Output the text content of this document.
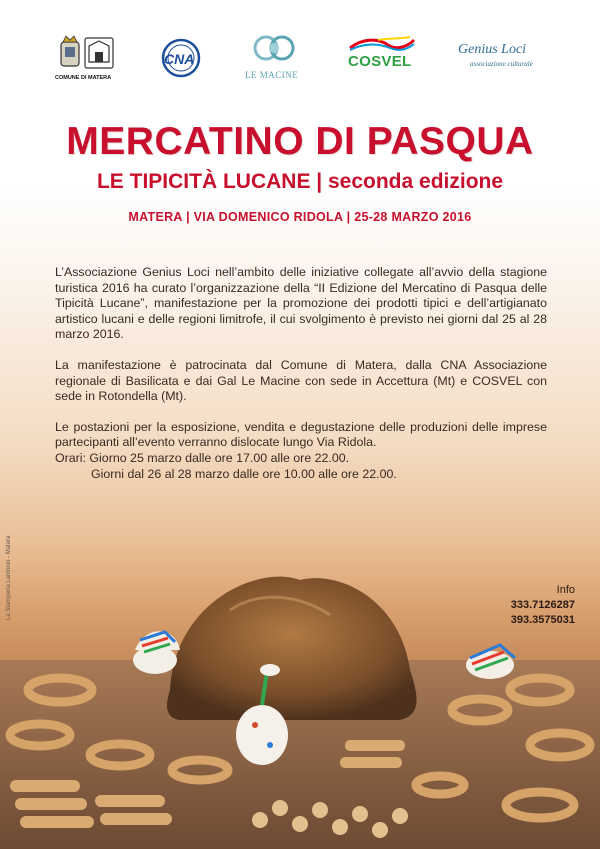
COMUNE DI MATERA
CNA
LE MACINE
COSVEL
Genius Loci
associazione culturale
MERCATINO DI PASQUA
LE TIPICITÀ LUCANE | seconda edizione
MATERA | VIA DOMENICO RIDOLA | 25-28 MARZO 2016

L’Associazione Genius Loci nell’ambito delle iniziative collegate all’avvio della stagione turistica 2016 ha curato l’organizzazione della “II Edizione del Mercatino di Pasqua delle Tipicità Lucane”, manifestazione per la promozione dei prodotti tipici e dell’artigianato artistico lucani e delle regioni limitrofe, il cui svolgimento è previsto nei giorni dal 25 al 28 marzo 2016.

La manifestazione è patrocinata dal Comune di Matera, dalla CNA Associazione regionale di Basilicata e dai Gal Le Macine con sede in Accettura (Mt) e COSVEL con sede in Rotondella (Mt).

Le postazioni per la esposizione, vendita e degustazione delle produzioni delle imprese partecipanti all’evento verranno dislocate lungo Via Ridola.

Orari: Giorno 25 marzo dalle ore 17.00 alle ore 22.00.
Giorni dal 26 al 28 marzo dalle ore 10.00 alle ore 22.00.
Info
333.7126287
393.3575031
La Stamperia Lantonio - Matera
